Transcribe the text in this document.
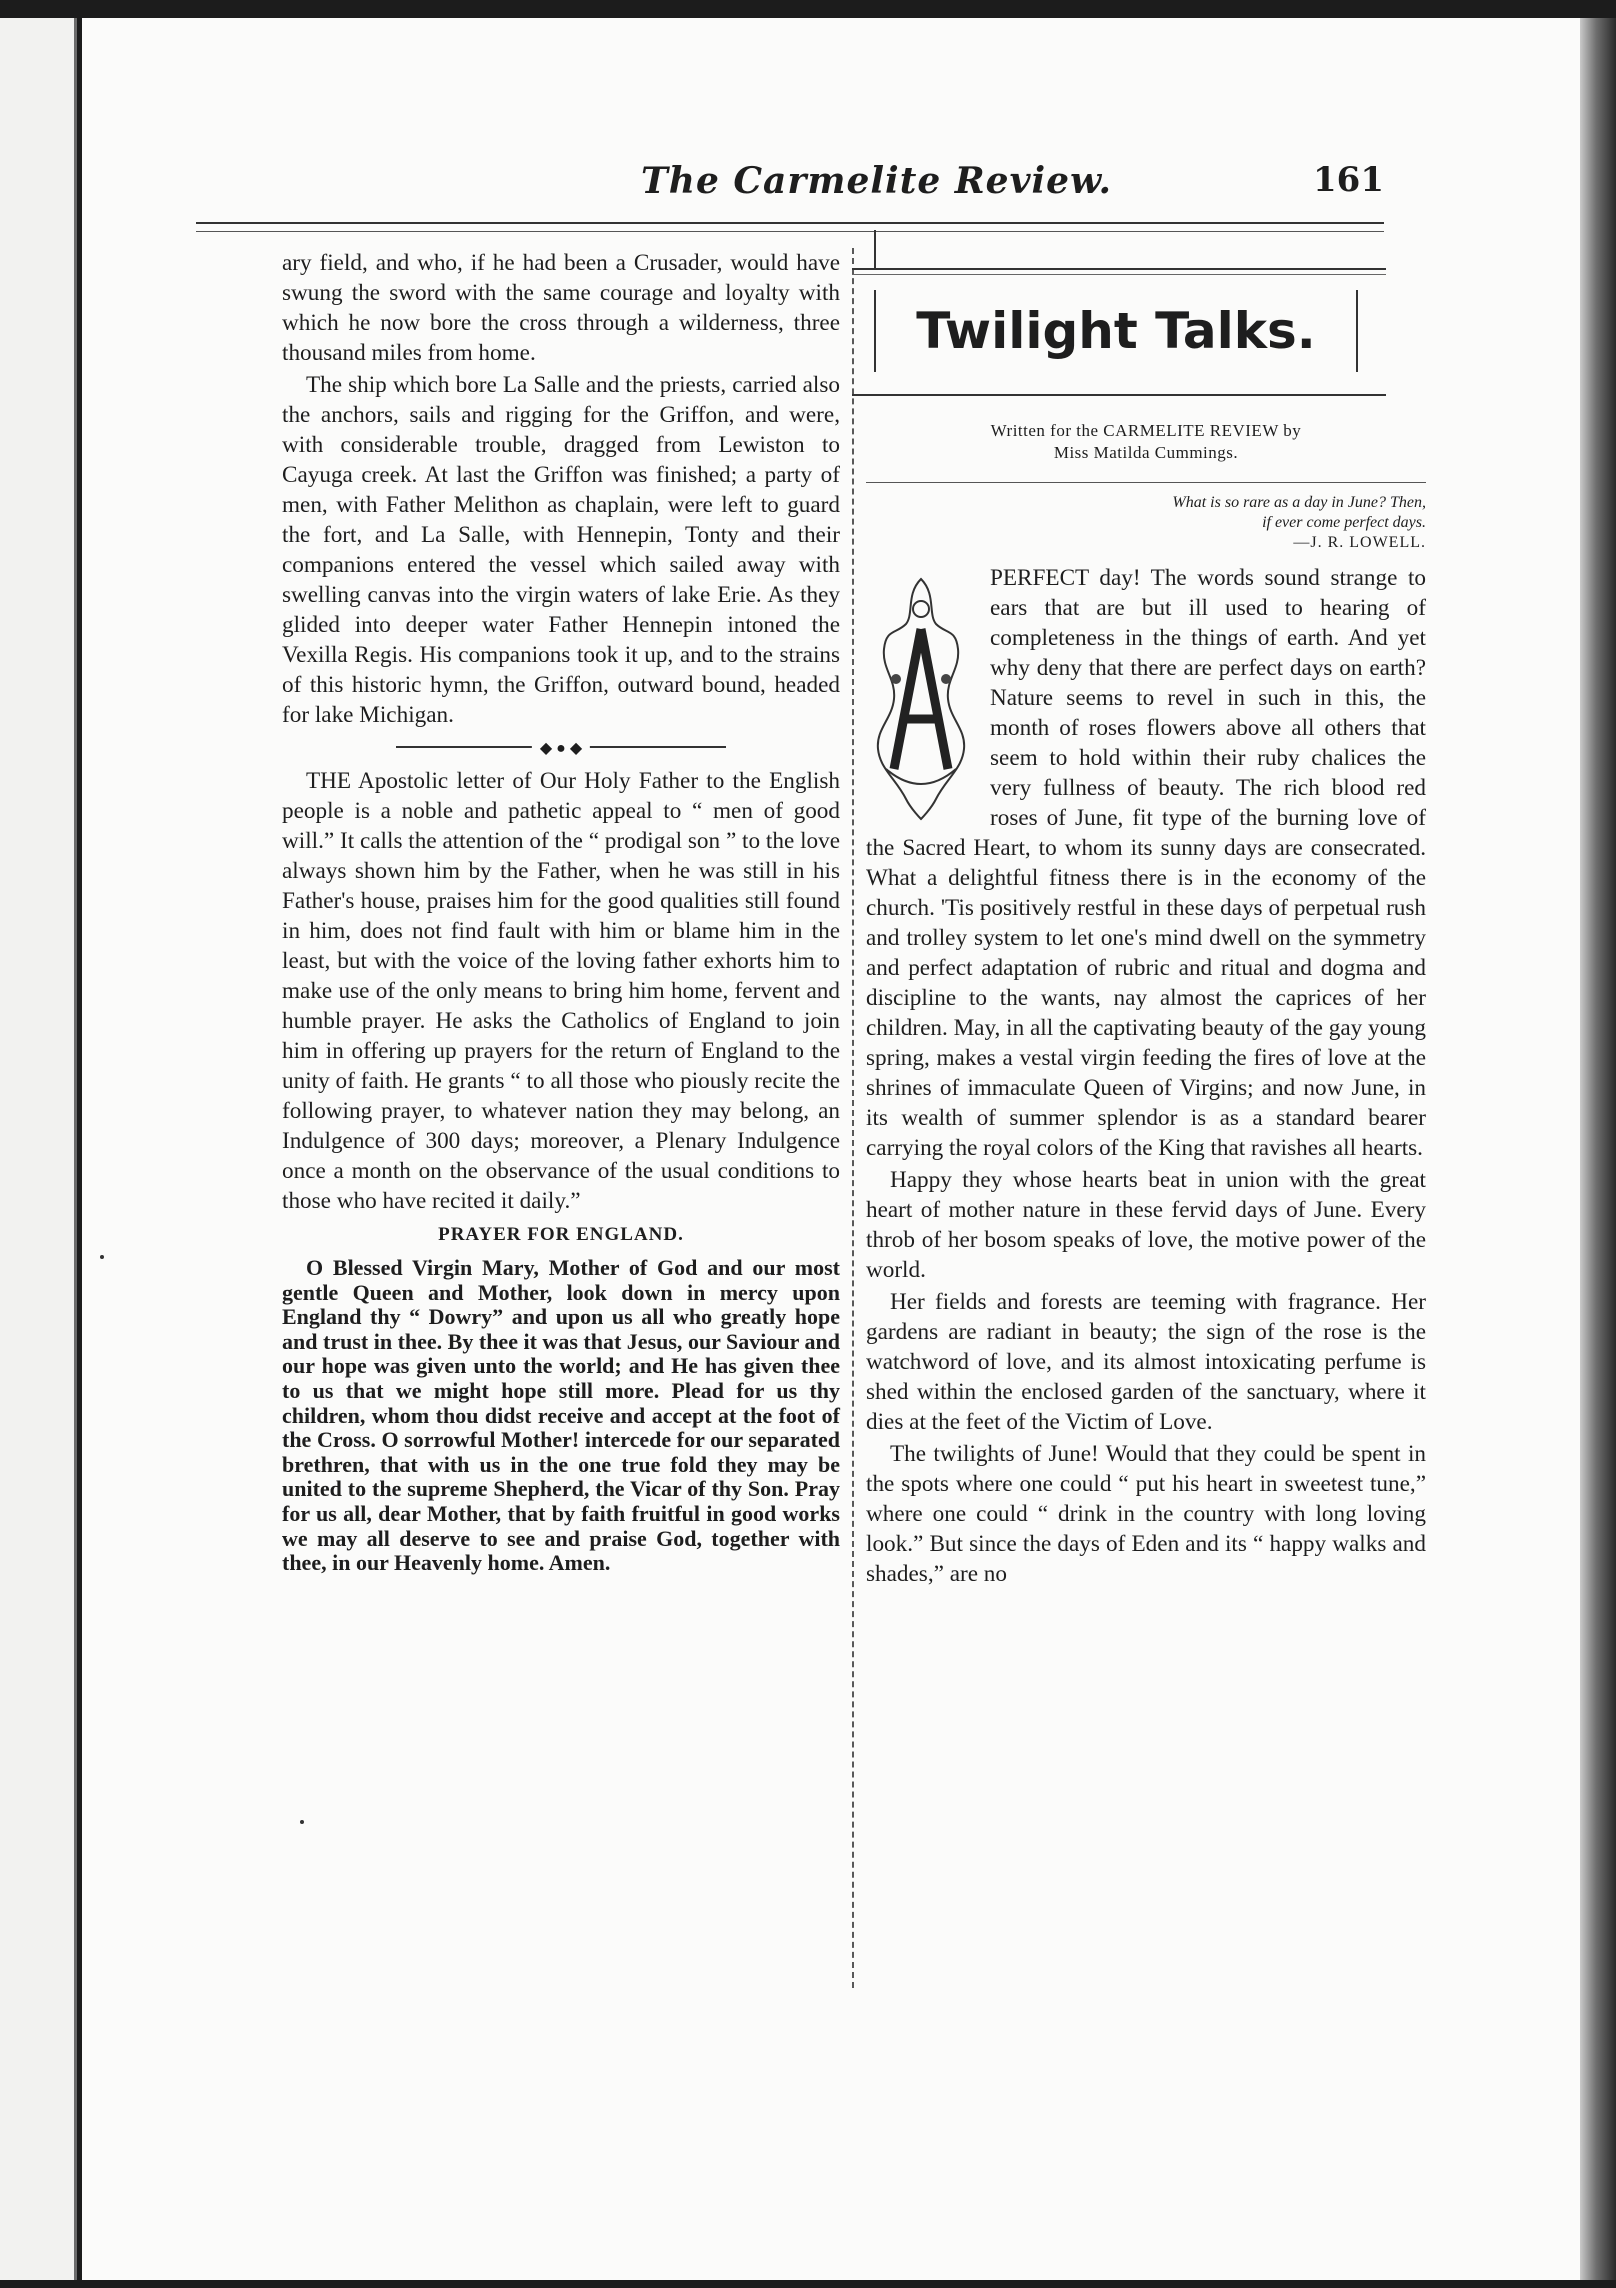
The Carmelite Review.	161

ary field, and who, if he had been a Crusader, would have swung the sword with the same courage and loyalty with which he now bore the cross through a wilderness, three thousand miles from home.

The ship which bore La Salle and the priests, carried also the anchors, sails and rigging for the Griffon, and were, with considerable trouble, dragged from Lewiston to Cayuga creek. At last the Griffon was finished; a party of men, with Father Melithon as chaplain, were left to guard the fort, and La Salle, with Hennepin, Tonty and their companions entered the vessel which sailed away with swelling canvas into the virgin waters of lake Erie. As they glided into deeper water Father Hennepin intoned the Vexilla Regis. His companions took it up, and to the strains of this historic hymn, the Griffon, outward bound, headed for lake Michigan.

◆ ● ◆

THE Apostolic letter of Our Holy Father to the English people is a noble and pathetic appeal to “ men of good will.” It calls the attention of the “ prodigal son ” to the love always shown him by the Father, when he was still in his Father's house, praises him for the good qualities still found in him, does not find fault with him or blame him in the least, but with the voice of the loving father exhorts him to make use of the only means to bring him home, fervent and humble prayer. He asks the Catholics of England to join him in offering up prayers for the return of England to the unity of faith. He grants “ to all those who piously recite the following prayer, to whatever nation they may belong, an Indulgence of 300 days; moreover, a Plenary Indulgence once a month on the observance of the usual conditions to those who have recited it daily.”

PRAYER FOR ENGLAND.

O Blessed Virgin Mary, Mother of God and our most gentle Queen and Mother, look down in mercy upon England thy “ Dowry” and upon us all who greatly hope and trust in thee. By thee it was that Jesus, our Saviour and our hope was given unto the world; and He has given thee to us that we might hope still more. Plead for us thy children, whom thou didst receive and accept at the foot of the Cross. O sorrowful Mother! intercede for our separated brethren, that with us in the one true fold they may be united to the supreme Shepherd, the Vicar of thy Son. Pray for us all, dear Mother, that by faith fruitful in good works we may all deserve to see and praise God, together with thee, in our Heavenly home. Amen.

Twilight Talks.
Written for the CARMELITE REVIEW by
Miss Matilda Cummings.
What is so rare as a day in June? Then,
if ever come perfect days.
—J. R. LOWELL.

PERFECT day! The words sound strange to ears that are but ill used to hearing of completeness in the things of earth. And yet why deny that there are perfect days on earth? Nature seems to revel in such in this, the month of roses flowers above all others that seem to hold within their ruby chalices the very fullness of beauty. The rich blood red roses of June, fit type of the burning love of the Sacred Heart, to whom its sunny days are consecrated. What a delightful fitness there is in the economy of the church. 'Tis positively restful in these days of perpetual rush and trolley system to let one's mind dwell on the symmetry and perfect adaptation of rubric and ritual and dogma and discipline to the wants, nay almost the caprices of her children. May, in all the captivating beauty of the gay young spring, makes a vestal virgin feeding the fires of love at the shrines of immaculate Queen of Virgins; and now June, in its wealth of summer splendor is as a standard bearer carrying the royal colors of the King that ravishes all hearts.

Happy they whose hearts beat in union with the great heart of mother nature in these fervid days of June. Every throb of her bosom speaks of love, the motive power of the world.

Her fields and forests are teeming with fragrance. Her gardens are radiant in beauty; the sign of the rose is the watchword of love, and its almost intoxicating perfume is shed within the enclosed garden of the sanctuary, where it dies at the feet of the Victim of Love.

The twilights of June! Would that they could be spent in the spots where one could “ put his heart in sweetest tune,” where one could “ drink in the country with long loving look.” But since the days of Eden and its “ happy walks and shades,” are no
